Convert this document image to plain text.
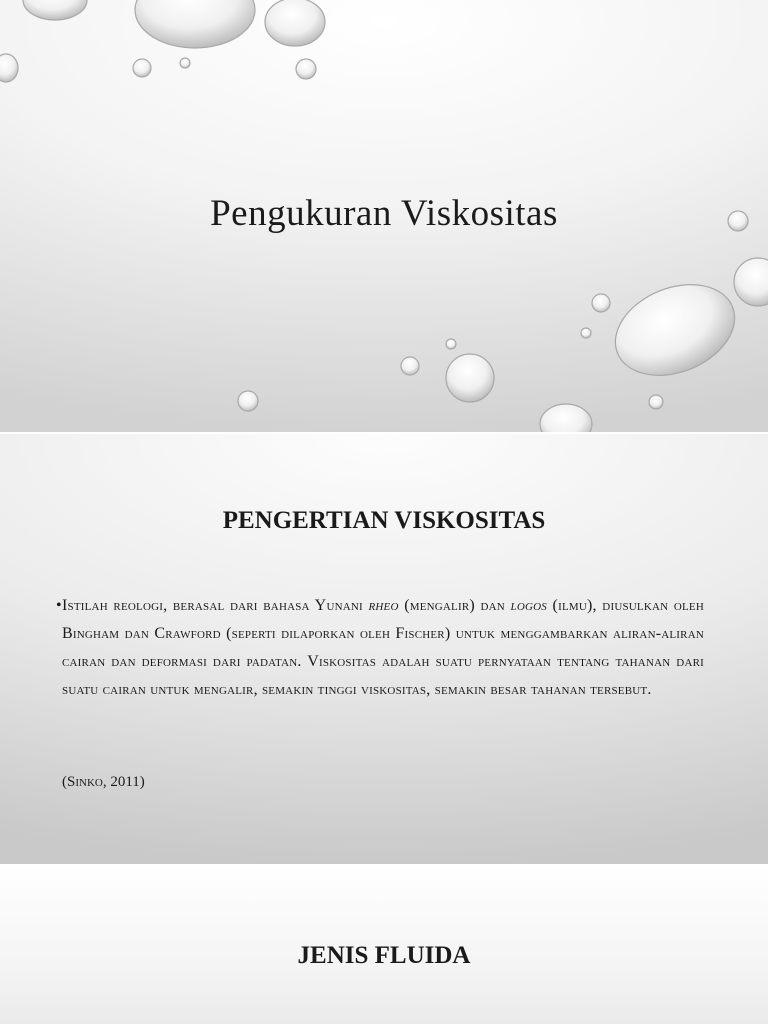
Pengukuran Viskositas
PENGERTIAN VISKOSITAS
• Istilah reologi, berasal dari bahasa Yunani rheo (mengalir) dan logos (ilmu), diusulkan oleh Bingham dan Crawford (seperti dilaporkan oleh Fischer) untuk menggambarkan aliran-aliran cairan dan deformasi dari padatan. Viskositas adalah suatu pernyataan tentang tahanan dari suatu cairan untuk mengalir, semakin tinggi viskositas, semakin besar tahanan tersebut.
(Sinko, 2011)
JENIS FLUIDA
